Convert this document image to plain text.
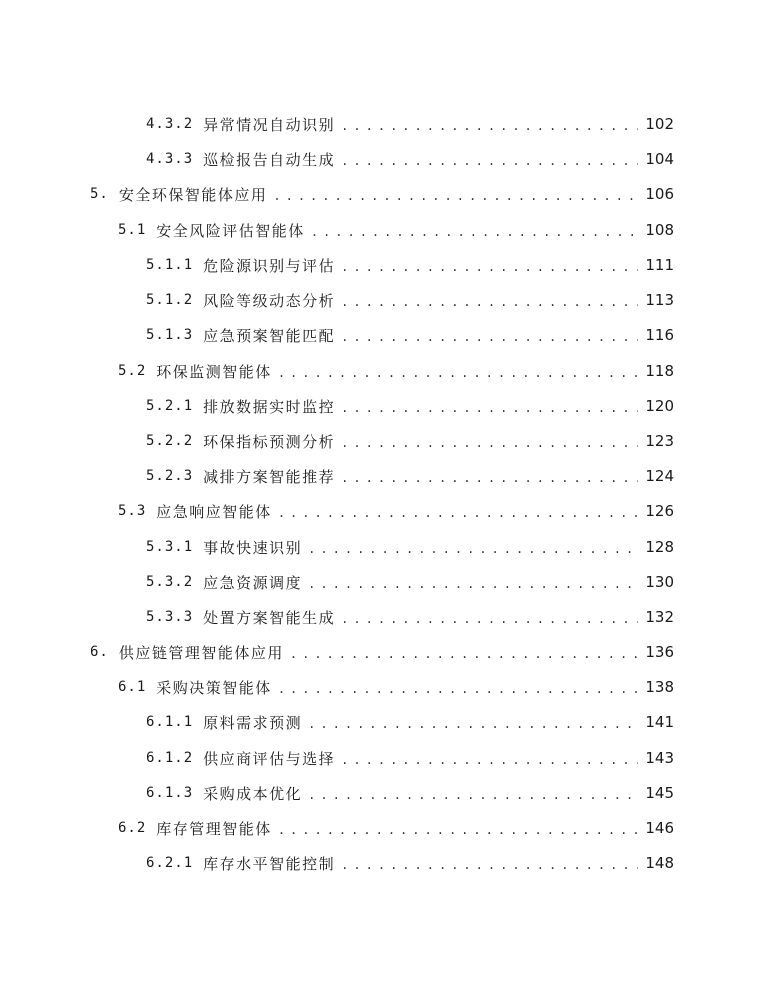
4.3.2 异常情况自动识别 .....	102
4.3.3 巡检报告自动生成 .....	104
5. 安全环保智能体应用 .....	106
5.1 安全风险评估智能体 .....	108
5.1.1 危险源识别与评估 .....	111
5.1.2 风险等级动态分析 .....	113
5.1.3 应急预案智能匹配 .....	116
5.2 环保监测智能体 .....	118
5.2.1 排放数据实时监控 .....	120
5.2.2 环保指标预测分析 .....	123
5.2.3 减排方案智能推荐 .....	124
5.3 应急响应智能体 .....	126
5.3.1 事故快速识别 .....	128
5.3.2 应急资源调度 .....	130
5.3.3 处置方案智能生成 .....	132
6. 供应链管理智能体应用 .....	136
6.1 采购决策智能体 .....	138
6.1.1 原料需求预测 .....	141
6.1.2 供应商评估与选择 .....	143
6.1.3 采购成本优化 .....	145
6.2 库存管理智能体 .....	146
6.2.1 库存水平智能控制 .....	148
